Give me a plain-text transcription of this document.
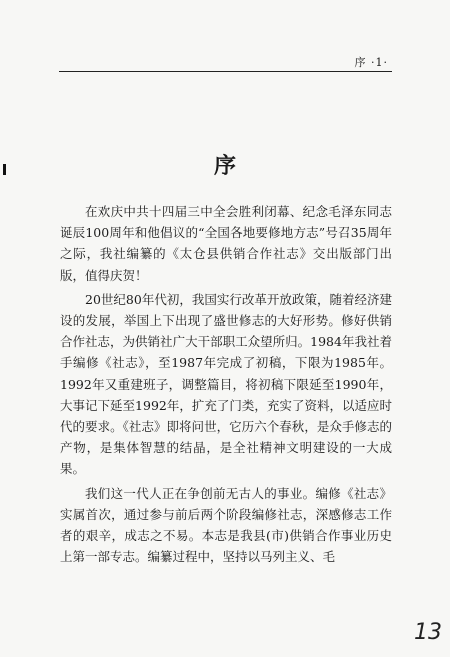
序 ·1·
序

在欢庆中共十四届三中全会胜利闭幕、纪念毛泽东同志诞辰100周年和他倡议的“全国各地要修地方志”号召35周年之际，我社编纂的《太仓县供销合作社志》交出版部门出版，值得庆贺！

20世纪80年代初，我国实行改革开放政策，随着经济建设的发展，举国上下出现了盛世修志的大好形势。修好供销合作社志，为供销社广大干部职工众望所归。1984年我社着手编修《社志》，至1987年完成了初稿，下限为1985年。1992年又重建班子，调整篇目，将初稿下限延至1990年，大事记下延至1992年，扩充了门类，充实了资料，以适应时代的要求。《社志》即将问世，它历六个春秋，是众手修志的产物，是集体智慧的结晶，是全社精神文明建设的一大成果。

我们这一代人正在争创前无古人的事业。编修《社志》实属首次，通过参与前后两个阶段编修社志，深感修志工作者的艰辛，成志之不易。本志是我县(市)供销合作事业历史上第一部专志。编纂过程中，坚持以马列主义、毛

13
